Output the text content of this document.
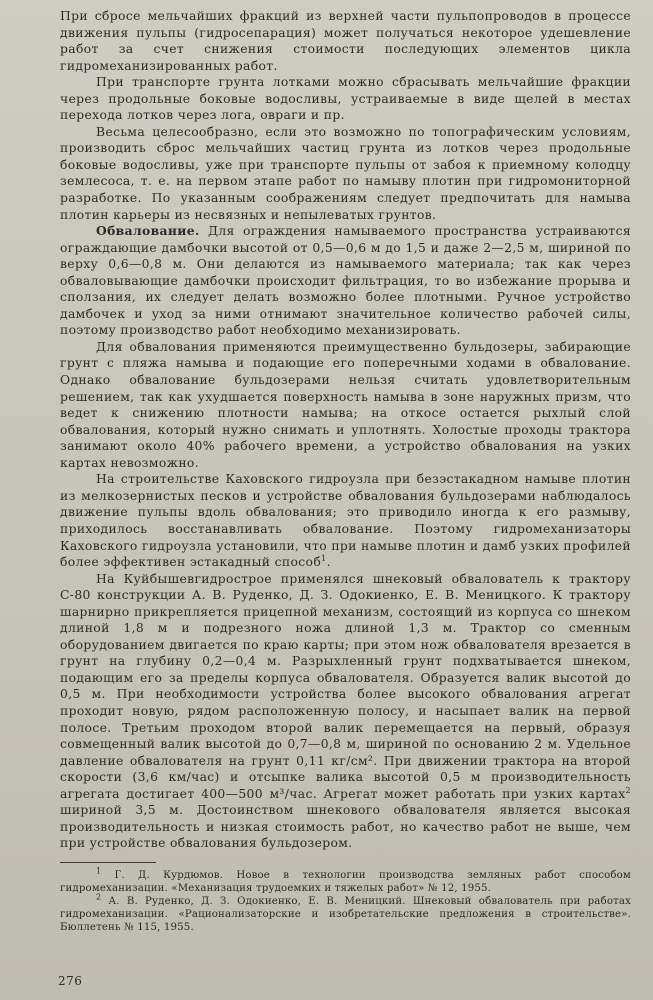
При сбросе мельчайших фракций из верхней части пульпопроводов в процессе движения пульпы (гидросепарация) может получаться некоторое удешевление работ за счет снижения стоимости последующих элементов цикла гидромеханизированных работ.

При транспорте грунта лотками можно сбрасывать мельчайшие фракции через продольные боковые водосливы, устраиваемые в виде щелей в местах перехода лотков через лога, овраги и пр.

Весьма целесообразно, если это возможно по топографическим условиям, производить сброс мельчайших частиц грунта из лотков через продольные боковые водосливы, уже при транспорте пульпы от забоя к приемному колодцу землесоса, т. е. на первом этапе работ по намыву плотин при гидромониторной разработке. По указанным соображениям следует предпочитать для намыва плотин карьеры из несвязных и непылеватых грунтов.

Обвалование. Для ограждения намываемого пространства устраиваются ограждающие дамбочки высотой от 0,5—0,6 м до 1,5 и даже 2—2,5 м, шириной по верху 0,6—0,8 м. Они делаются из намываемого материала; так как через обваловывающие дамбочки происходит фильтрация, то во избежание прорыва и сползания, их следует делать возможно более плотными. Ручное устройство дамбочек и уход за ними отнимают значительное количество рабочей силы, поэтому производство работ необходимо механизировать.

Для обвалования применяются преимущественно бульдозеры, забирающие грунт с пляжа намыва и подающие его поперечными ходами в обвалование. Однако обвалование бульдозерами нельзя считать удовлетворительным решением, так как ухудшается поверхность намыва в зоне наружных призм, что ведет к снижению плотности намыва; на откосе остается рыхлый слой обвалования, который нужно снимать и уплотнять. Холостые проходы трактора занимают около 40% рабочего времени, а устройство обвалования на узких картах невозможно.

На строительстве Каховского гидроузла при безэстакадном намыве плотин из мелкозернистых песков и устройстве обвалования бульдозерами наблюдалось движение пульпы вдоль обвалования; это приводило иногда к его размыву, приходилось восстанавливать обвалование. Поэтому гидромеханизаторы Каховского гидроузла установили, что при намыве плотин и дамб узких профилей более эффективен эстакадный способ$^1$.

На Куйбышевгидрострое применялся шнековый обвалователь к трактору С-80 конструкции А. В. Руденко, Д. З. Одокиенко, Е. В. Меницкого. К трактору шарнирно прикрепляется прицепной механизм, состоящий из корпуса со шнеком длиной 1,8 м и подрезного ножа длиной 1,3 м. Трактор со сменным оборудованием двигается по краю карты; при этом нож обвалователя врезается в грунт на глубину 0,2—0,4 м. Разрыхленный грунт подхватывается шнеком, подающим его за пределы корпуса обвалователя. Образуется валик высотой до 0,5 м. При необходимости устройства более высокого обвалования агрегат проходит новую, рядом расположенную полосу, и насыпает валик на первой полосе. Третьим проходом второй валик перемещается на первый, образуя совмещенный валик высотой до 0,7—0,8 м, шириной по основанию 2 м. Удельное давление обвалователя на грунт 0,11 кг/см². При движении трактора на второй скорости (3,6 км/час) и отсыпке валика высотой 0,5 м производительность агрегата достигает 400—500 м³/час. Агрегат может работать при узких картах$^2$ шириной 3,5 м. Достоинством шнекового обвалователя является высокая производительность и низкая стоимость работ, но качество работ не выше, чем при устройстве обвалования бульдозером.

$^1$ Г. Д. Курдюмов. Новое в технологии производства земляных работ способом гидромеханизации. «Механизация трудоемких и тяжелых работ» № 12, 1955.

$^2$ А. В. Руденко, Д. З. Одокиенко, Е. В. Меницкий. Шнековый обвалователь при работах гидромеханизации. «Рационализаторские и изобретательские предложения в строительстве». Бюллетень № 115, 1955.

276
